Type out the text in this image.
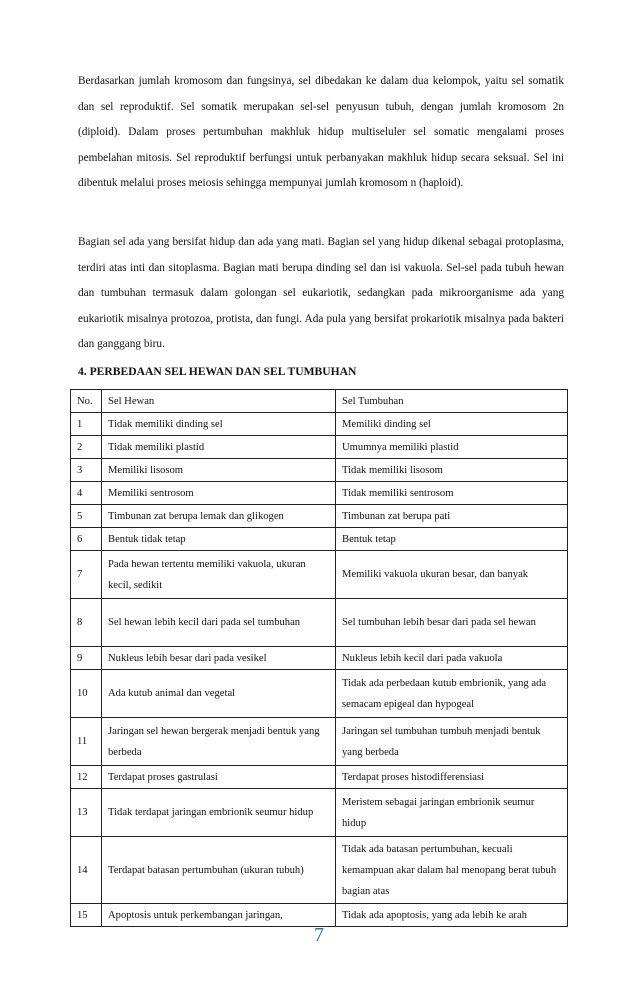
Berdasarkan jumlah kromosom dan fungsinya, sel dibedakan ke dalam dua kelompok, yaitu sel somatik dan sel reproduktif. Sel somatik merupakan sel-sel penyusun tubuh, dengan jumlah kromosom 2n (diploid). Dalam proses pertumbuhan makhluk hidup multiseluler sel somatic mengalami proses pembelahan mitosis. Sel reproduktif berfungsi untuk perbanyakan makhluk hidup secara seksual. Sel ini dibentuk melalui proses meiosis sehingga mempunyai jumlah kromosom n (haploid).

Bagian sel ada yang bersifat hidup dan ada yang mati. Bagian sel yang hidup dikenal sebagai protoplasma, terdiri atas inti dan sitoplasma. Bagian mati berupa dinding sel dan isi vakuola. Sel-sel pada tubuh hewan dan tumbuhan termasuk dalam golongan sel eukariotik, sedangkan pada mikroorganisme ada yang eukariotik misalnya protozoa, protista, dan fungi. Ada pula yang bersifat prokariotik misalnya pada bakteri dan ganggang biru.

4. PERBEDAAN SEL HEWAN DAN SEL TUMBUHAN
No.	Sel Hewan	Sel Tumbuhan
1	Tidak memiliki dinding sel	Memiliki dinding sel
2	Tidak memiliki plastid	Umumnya memiliki plastid
3	Memiliki lisosom	Tidak memiliki lisosom
4	Memiliki sentrosom	Tidak memiliki sentrosom
5	Timbunan zat berupa lemak dan glikogen	Timbunan zat berupa pati
6	Bentuk tidak tetap	Bentuk tetap
7	Pada hewan tertentu memiliki vakuola, ukuran kecil, sedikit	Memiliki vakuola ukuran besar, dan banyak
8	Sel hewan lebih kecil dari pada sel tumbuhan	Sel tumbuhan lebih besar dari pada sel hewan
9	Nukleus lebih besar dari pada vesikel	Nukleus lebih kecil dari pada vakuola
10	Ada kutub animal dan vegetal	Tidak ada perbedaan kutub embrionik, yang ada semacam epigeal dan hypogeal
11	Jaringan sel hewan bergerak menjadi bentuk yang berbeda	Jaringan sel tumbuhan tumbuh menjadi bentuk yang berbeda
12	Terdapat proses gastrulasi	Terdapat proses histodifferensiasi
13	Tidak terdapat jaringan embrionik seumur hidup	Meristem sebagai jaringan embrionik seumur hidup
14	Terdapat batasan pertumbuhan (ukuran tubuh)	Tidak ada batasan pertumbuhan, kecuali kemampuan akar dalam hal menopang berat tubuh bagian atas
15	Apoptosis untuk perkembangan jaringan,	Tidak ada apoptosis, yang ada lebih ke arah
7
